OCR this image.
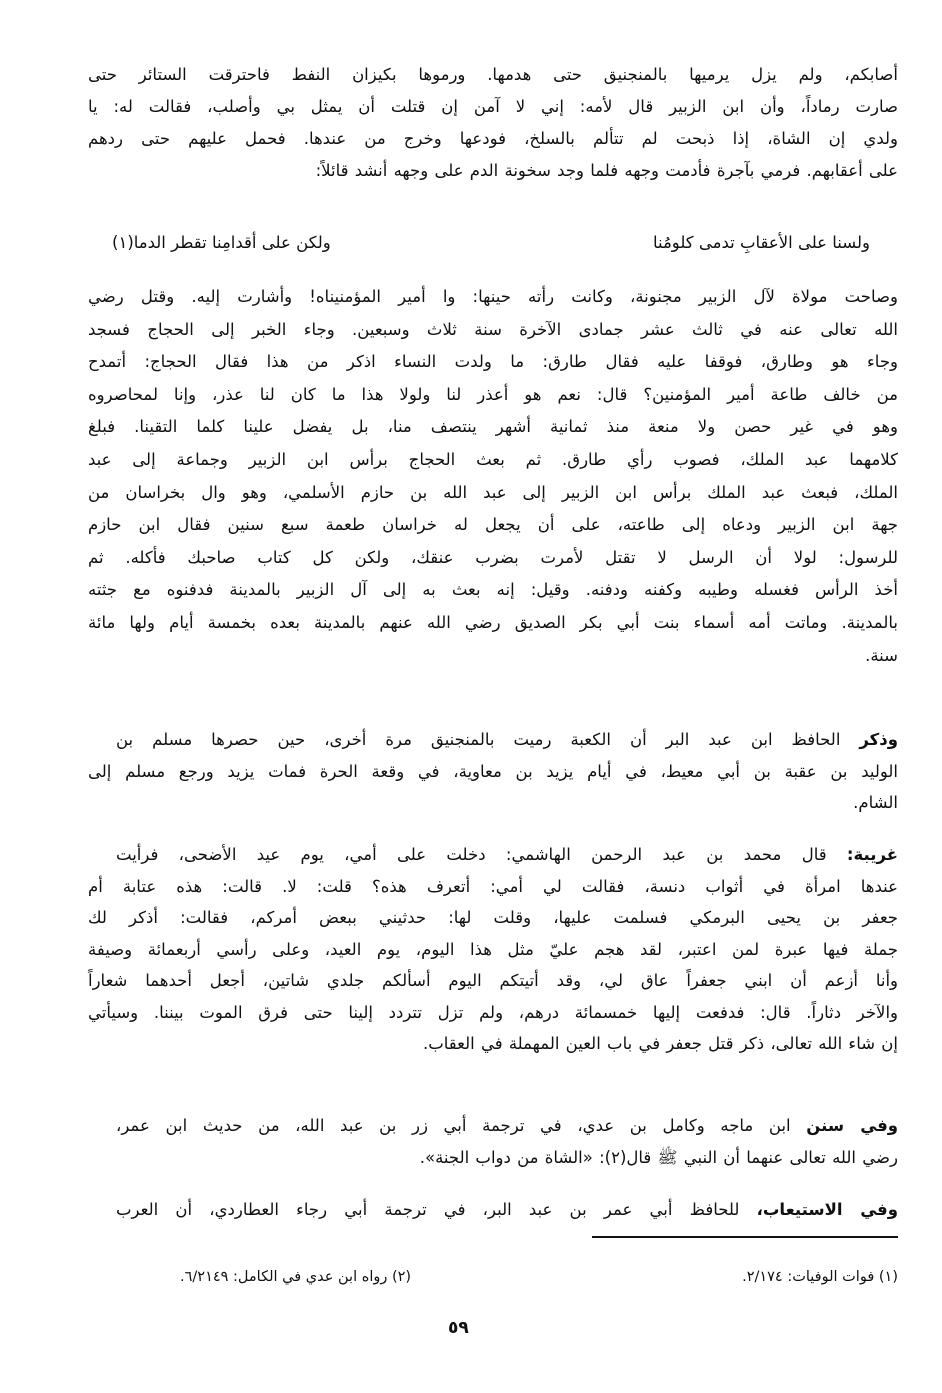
أصابكم، ولم يزل يرميها بالمنجنيق حتى هدمها. ورموها بكيزان النفط فاحترقت الستائر حتى
صارت رماداً، وأن ابن الزبير قال لأمه: إني لا آمن إن قتلت أن يمثل بي وأصلب، فقالت له: يا
ولدي إن الشاة، إذا ذبحت لم تتألم بالسلخ، فودعها وخرج من عندها. فحمل عليهم حتى ردهم
على أعقابهم. فرمي بآجرة فأدمت وجهه فلما وجد سخونة الدم على وجهه أنشد قائلاً:
وصاحت مولاة لآل الزبير مجنونة، وكانت رأته حينها: وا أمير المؤمنيناه! وأشارت إليه. وقتل رضي
الله تعالى عنه في ثالث عشر جمادى الآخرة سنة ثلاث وسبعين. وجاء الخبر إلى الحجاج فسجد
وجاء هو وطارق، فوقفا عليه فقال طارق: ما ولدت النساء اذكر من هذا فقال الحجاج: أتمدح
من خالف طاعة أمير المؤمنين؟ قال: نعم هو أعذر لنا ولولا هذا ما كان لنا عذر، وإنا لمحاصروه
وهو في غير حصن ولا منعة منذ ثمانية أشهر ينتصف منا، بل يفضل علينا كلما التقينا. فبلغ
كلامهما عبد الملك، فصوب رأي طارق. ثم بعث الحجاج برأس ابن الزبير وجماعة إلى عبد
الملك، فبعث عبد الملك برأس ابن الزبير إلى عبد الله بن حازم الأسلمي، وهو وال بخراسان من
جهة ابن الزبير ودعاه إلى طاعته، على أن يجعل له خراسان طعمة سبع سنين فقال ابن حازم
للرسول: لولا أن الرسل لا تقتل لأمرت بضرب عنقك، ولكن كل كتاب صاحبك فأكله. ثم
أخذ الرأس فغسله وطيبه وكفنه ودفنه. وقيل: إنه بعث به إلى آل الزبير بالمدينة فدفنوه مع جثته
بالمدينة. وماتت أمه أسماء بنت أبي بكر الصديق رضي الله عنهم بالمدينة بعده بخمسة أيام ولها مائة
سنة.
وذكر الحافظ ابن عبد البر أن الكعبة رميت بالمنجنيق مرة أخرى، حين حصرها مسلم بن
الوليد بن عقبة بن أبي معيط، في أيام يزيد بن معاوية، في وقعة الحرة فمات يزيد ورجع مسلم إلى
الشام.
غريبة: قال محمد بن عبد الرحمن الهاشمي: دخلت على أمي، يوم عيد الأضحى، فرأيت
عندها امرأة في أثواب دنسة، فقالت لي أمي: أتعرف هذه؟ قلت: لا. قالت: هذه عتابة أم
جعفر بن يحيى البرمكي فسلمت عليها، وقلت لها: حدثيني ببعض أمركم، فقالت: أذكر لك
جملة فيها عبرة لمن اعتبر، لقد هجم عليّ مثل هذا اليوم، يوم العيد، وعلى رأسي أربعمائة وصيفة
وأنا أزعم أن ابني جعفراً عاق لي، وقد أتيتكم اليوم أسألكم جلدي شاتين، أجعل أحدهما شعاراً
والآخر دثاراً. قال: فدفعت إليها خمسمائة درهم، ولم تزل تتردد إلينا حتى فرق الموت بيننا. وسيأتي
إن شاء الله تعالى، ذكر قتل جعفر في باب العين المهملة في العقاب.
وفي سنن ابن ماجه وكامل بن عدي، في ترجمة أبي زر بن عبد الله، من حديث ابن عمر،
رضي الله تعالى عنهما أن النبي ﷺ قال(٢): «الشاة من دواب الجنة».
وفي الاستيعاب، للحافظ أبي عمر بن عبد البر، في ترجمة أبي رجاء العطاردي، أن العرب
ولسنا على الأعقابِ تدمى كلومُنا
ولكن على أقدامِنا تقطر الدما(١)
(١) فوات الوفيات: ٢/١٧٤.
(٢) رواه ابن عدي في الكامل: ٦/٢١٤٩.
٥٩
